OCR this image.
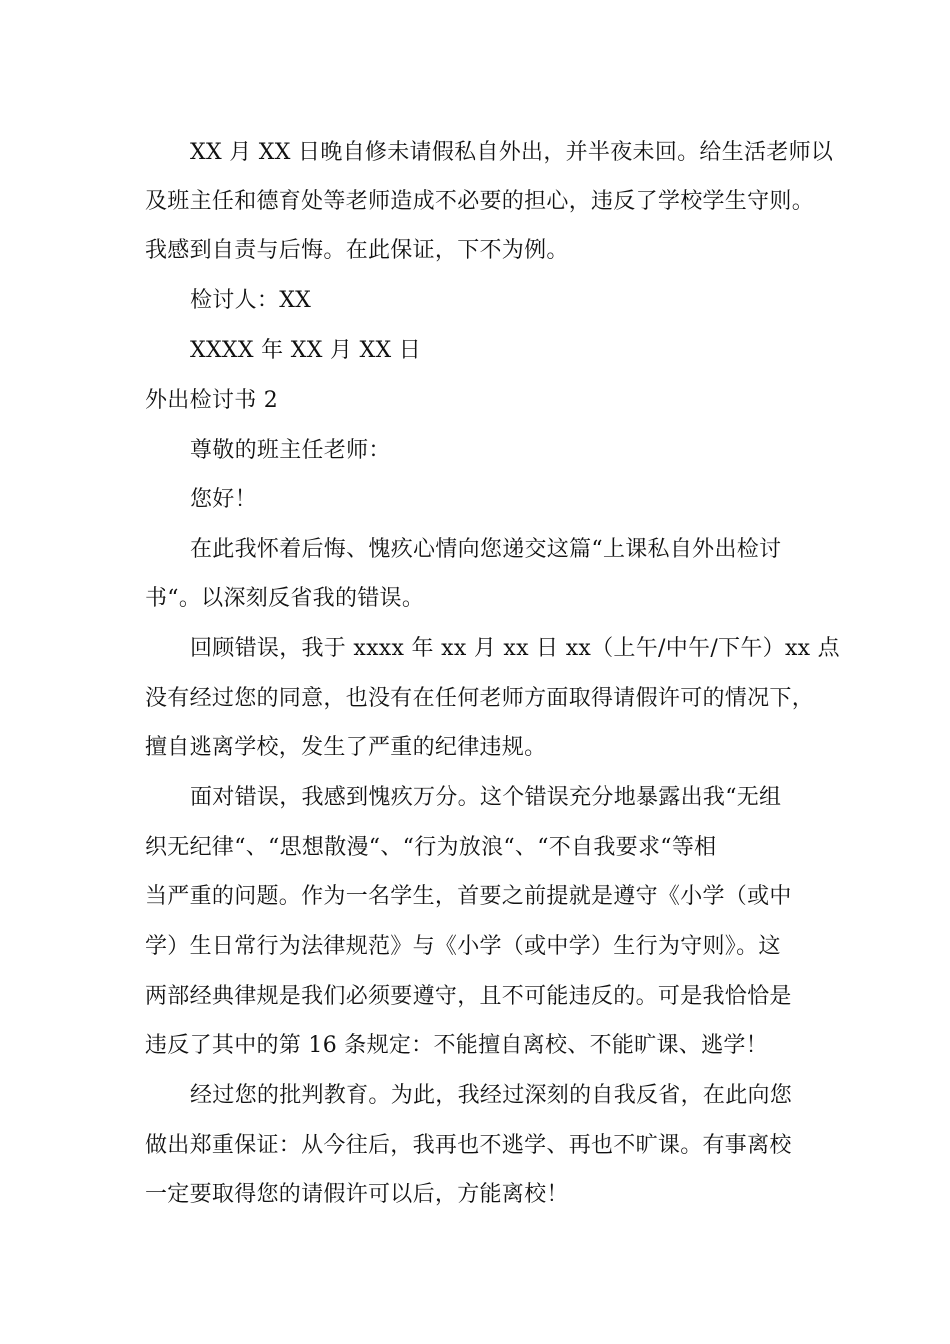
XX 月 XX 日晚自修未请假私自外出，并半夜未回。给生活老师以
及班主任和德育处等老师造成不必要的担心，违反了学校学生守则。
我感到自责与后悔。在此保证，下不为例。
检讨人：XX
XXXX 年 XX 月 XX 日
外出检讨书 2
尊敬的班主任老师：
您好！
在此我怀着后悔、愧疚心情向您递交这篇“上课私自外出检讨
书“。以深刻反省我的错误。
回顾错误，我于 xxxx 年 xx 月 xx 日 xx（上午/中午/下午）xx 点
没有经过您的同意，也没有在任何老师方面取得请假许可的情况下，
擅自逃离学校，发生了严重的纪律违规。
面对错误，我感到愧疚万分。这个错误充分地暴露出我“无组
织无纪律“、“思想散漫“、“行为放浪“、“不自我要求“等相
当严重的问题。作为一名学生，首要之前提就是遵守《小学（或中
学）生日常行为法律规范》与《小学（或中学）生行为守则》。这
两部经典律规是我们必须要遵守，且不可能违反的。可是我恰恰是
违反了其中的第 16 条规定：不能擅自离校、不能旷课、逃学！
经过您的批判教育。为此，我经过深刻的自我反省，在此向您
做出郑重保证：从今往后，我再也不逃学、再也不旷课。有事离校
一定要取得您的请假许可以后，方能离校！
